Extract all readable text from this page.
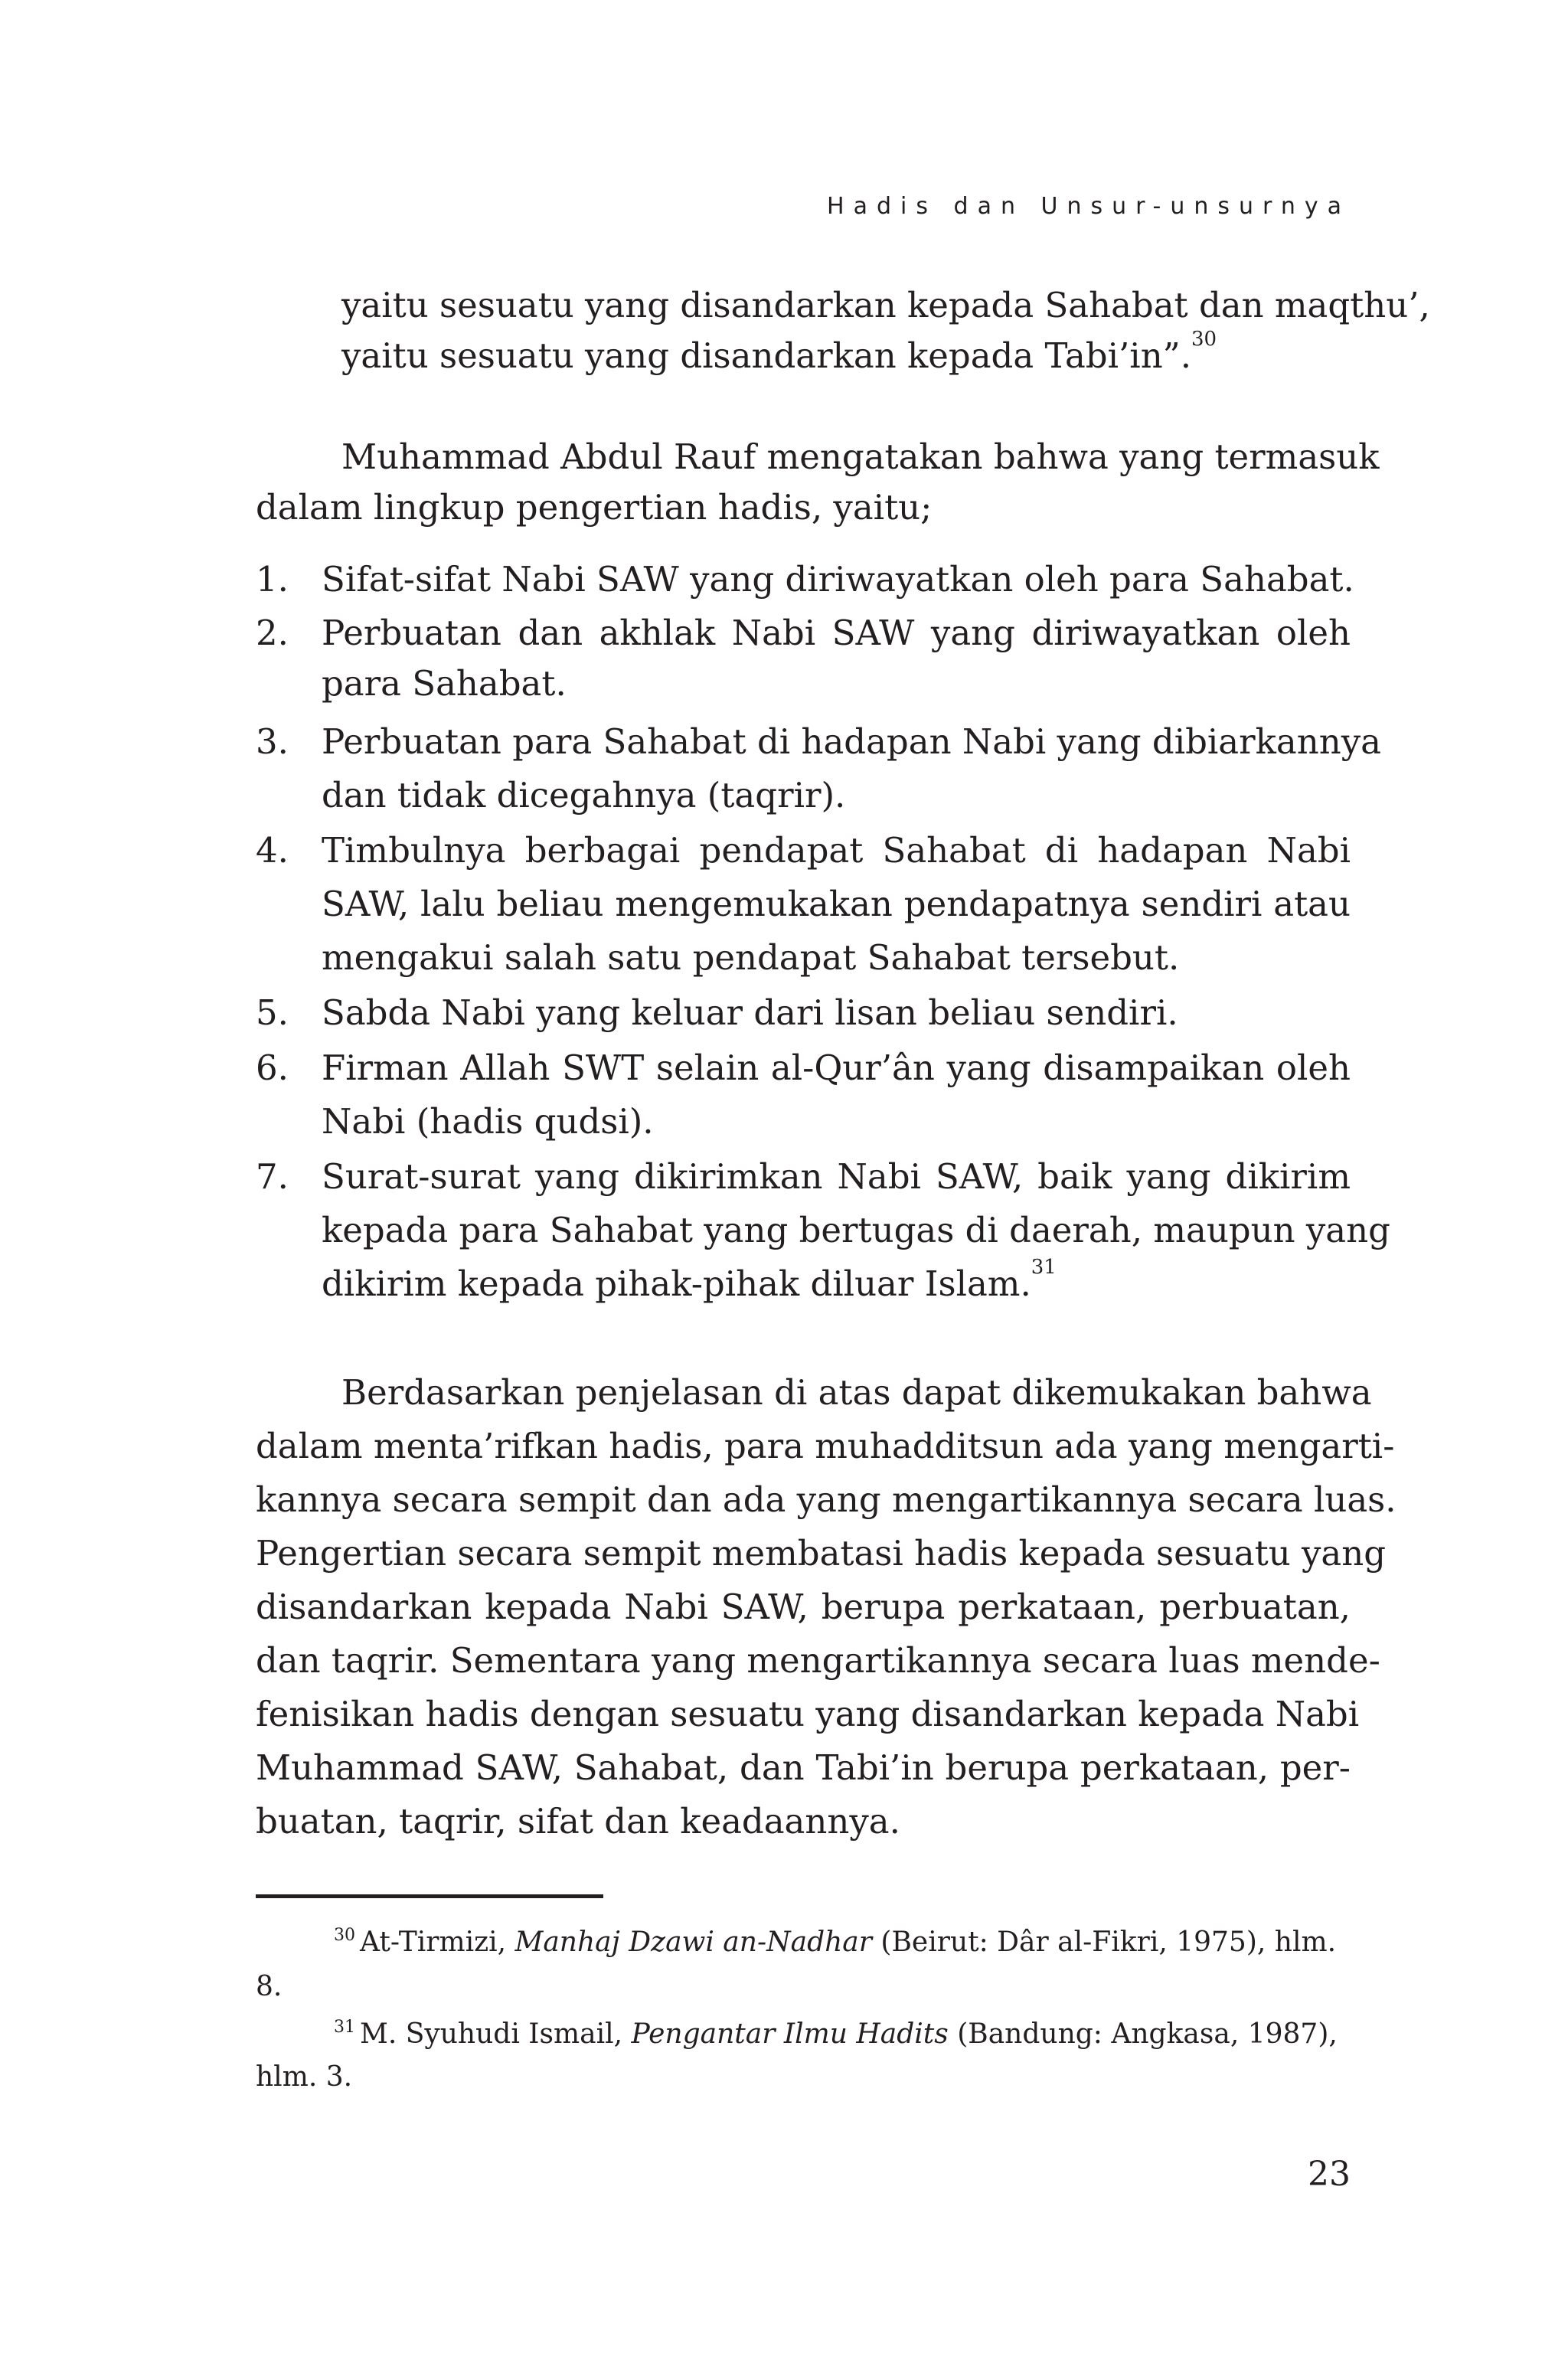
Hadis dan Unsur-unsurnya
yaitu sesuatu yang disandarkan kepada Sahabat dan maqthu’,
yaitu sesuatu yang disandarkan kepada Tabi’in”.$^{30}$
Muhammad Abdul Rauf mengatakan bahwa yang termasuk
dalam lingkup pengertian hadis, yaitu;
1. Sifat-sifat Nabi SAW yang diriwayatkan oleh para Sahabat.
2. Perbuatan dan akhlak Nabi SAW yang diriwayatkan oleh
para Sahabat.
3. Perbuatan para Sahabat di hadapan Nabi yang dibiarkannya
dan tidak dicegahnya (taqrir).
4. Timbulnya berbagai pendapat Sahabat di hadapan Nabi
SAW, lalu beliau mengemukakan pendapatnya sendiri atau
mengakui salah satu pendapat Sahabat tersebut.
5. Sabda Nabi yang keluar dari lisan beliau sendiri.
6. Firman Allah SWT selain al-Qur’ân yang disampaikan oleh
Nabi (hadis qudsi).
7. Surat-surat yang dikirimkan Nabi SAW, baik yang dikirim
kepada para Sahabat yang bertugas di daerah, maupun yang
dikirim kepada pihak-pihak diluar Islam.$^{31}$
Berdasarkan penjelasan di atas dapat dikemukakan bahwa
dalam menta’rifkan hadis, para muhadditsun ada yang mengarti-
kannya secara sempit dan ada yang mengartikannya secara luas.
Pengertian secara sempit membatasi hadis kepada sesuatu yang
disandarkan kepada Nabi SAW, berupa perkataan, perbuatan,
dan taqrir. Sementara yang mengartikannya secara luas mende-
fenisikan hadis dengan sesuatu yang disandarkan kepada Nabi
Muhammad SAW, Sahabat, dan Tabi’in berupa perkataan, per-
buatan, taqrir, sifat dan keadaannya.
$^{30}$ At-Tirmizi, Manhaj Dzawi an-Nadhar (Beirut: Dâr al-Fikri, 1975), hlm.
8.
$^{31}$ M. Syuhudi Ismail, Pengantar Ilmu Hadits (Bandung: Angkasa, 1987),
hlm. 3.
23
